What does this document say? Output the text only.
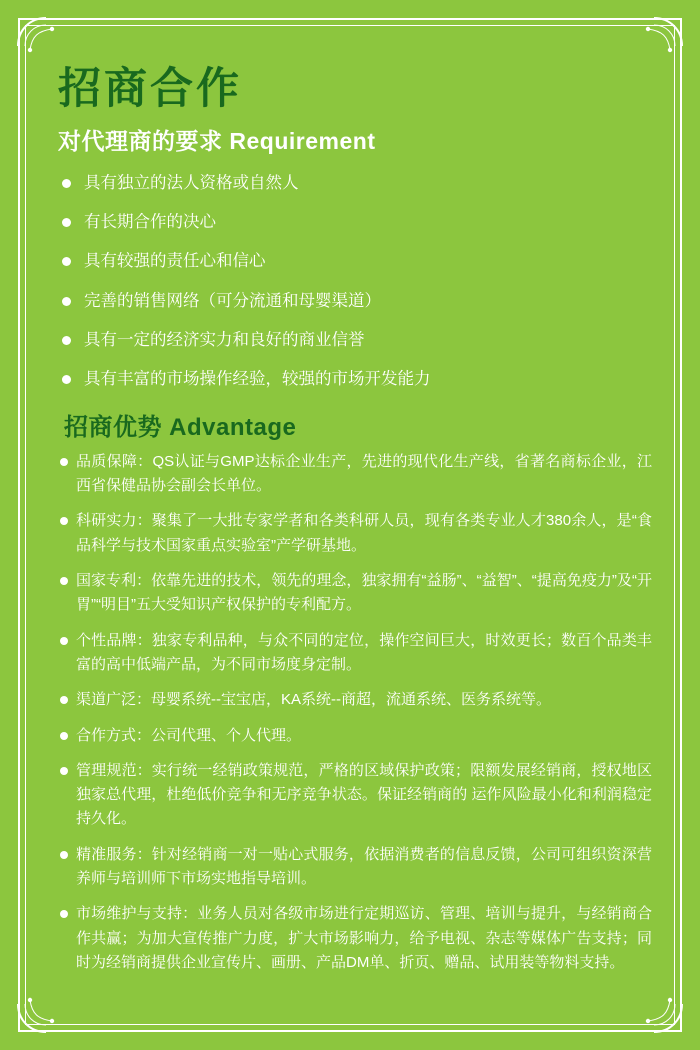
招商合作
对代理商的要求 Requirement
具有独立的法人资格或自然人
有长期合作的决心
具有较强的责任心和信心
完善的销售网络（可分流通和母婴渠道）
具有一定的经济实力和良好的商业信誉
具有丰富的市场操作经验，较强的市场开发能力
招商优势 Advantage
品质保障：QS认证与GMP达标企业生产，先进的现代化生产线，省著名商标企业，江西省保健品协会副会长单位。
科研实力：聚集了一大批专家学者和各类科研人员，现有各类专业人才380余人，是“食品科学与技术国家重点实验室”产学研基地。
国家专利：依靠先进的技术，领先的理念，独家拥有“益肠”、“益智”、“提高免疫力”及“开胃”“明目”五大受知识产权保护的专利配方。
个性品牌：独家专利品种，与众不同的定位，操作空间巨大，时效更长；数百个品类丰富的高中低端产品，为不同市场度身定制。
渠道广泛：母婴系统--宝宝店，KA系统--商超，流通系统、医务系统等。
合作方式：公司代理、个人代理。
管理规范：实行统一经销政策规范，严格的区域保护政策；限额发展经销商，授权地区独家总代理，杜绝低价竞争和无序竞争状态。保证经销商的 运作风险最小化和利润稳定持久化。
精准服务：针对经销商一对一贴心式服务，依据消费者的信息反馈，公司可组织资深营养师与培训师下市场实地指导培训。
市场维护与支持：业务人员对各级市场进行定期巡访、管理、培训与提升，与经销商合作共赢；为加大宣传推广力度，扩大市场影响力，给予电视、杂志等媒体广告支持；同时为经销商提供企业宣传片、画册、产品DM单、折页、赠品、试用装等物料支持。
